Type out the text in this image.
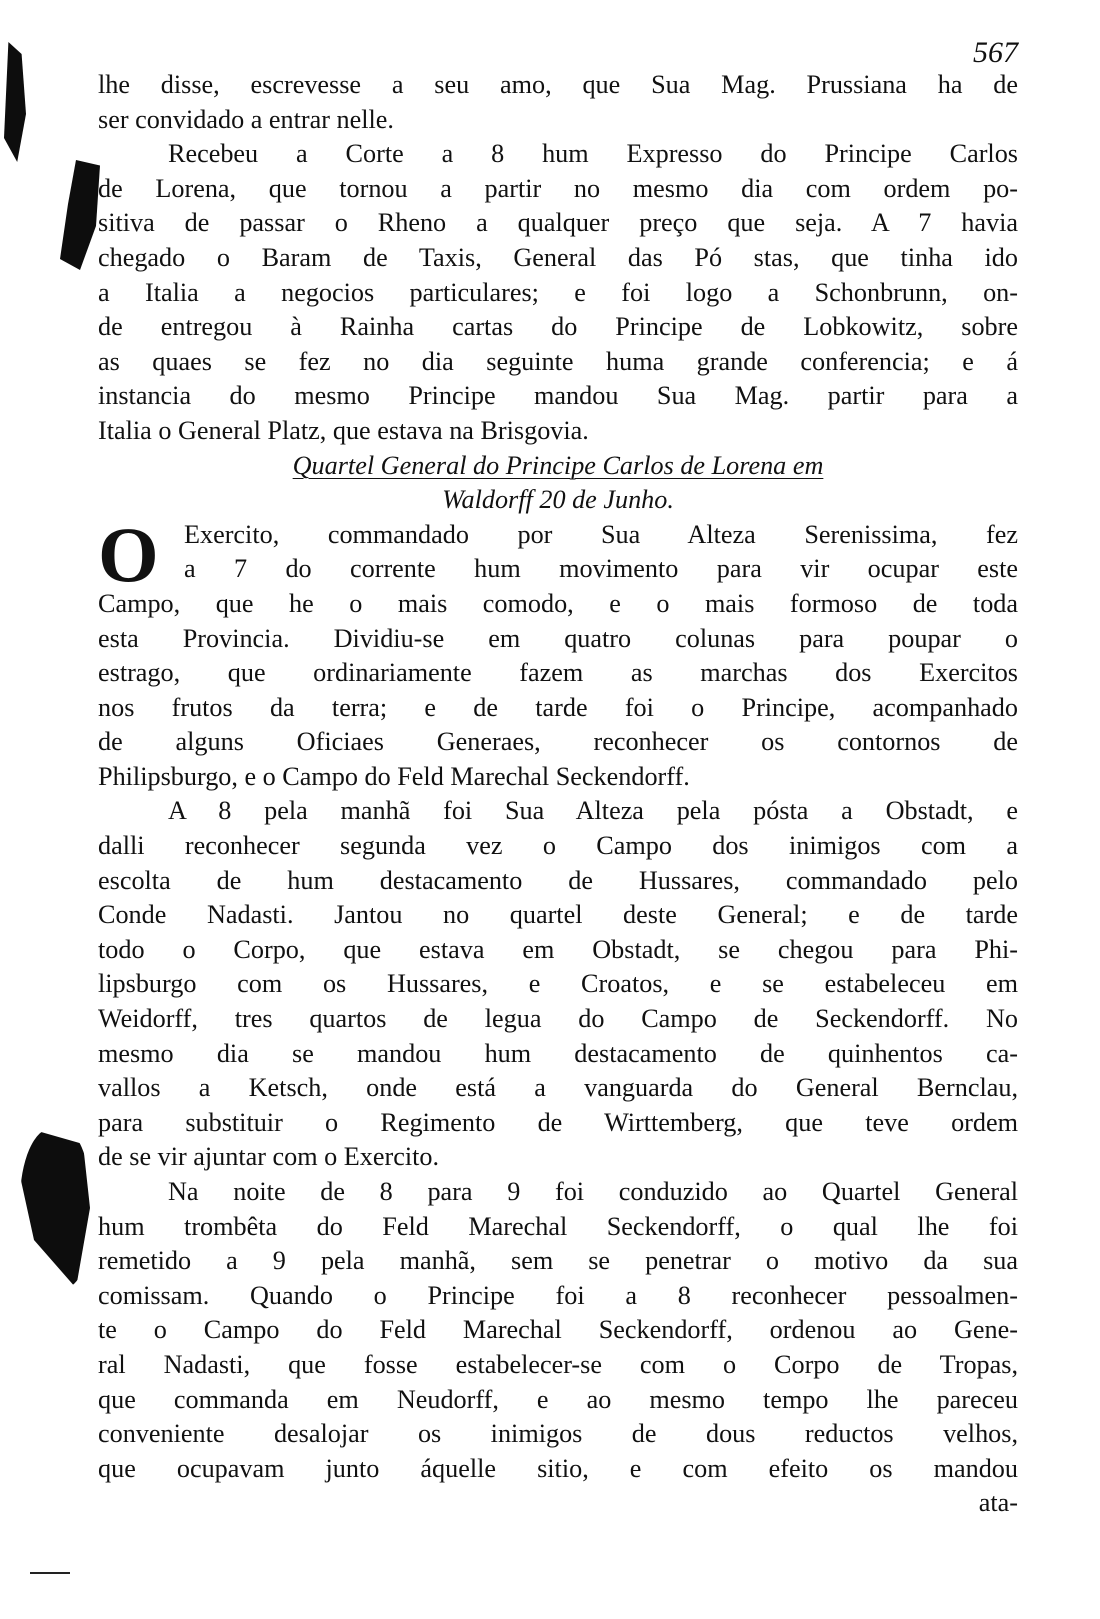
567
lhe disse, escrevesse a seu amo, que Sua Mag. Prussiana ha de
ser convidado a entrar nelle.
Recebeu a Corte a 8 hum Expresso do Principe Carlos
de Lorena, que tornou a partir no mesmo dia com ordem po-
sitiva de passar o Rheno a qualquer preço que seja. A 7 havia
chegado o Baram de Taxis, General das Pó stas, que tinha ido
a Italia a negocios particulares; e foi logo a Schonbrunn, on-
de entregou à Rainha cartas do Principe de Lobkowitz, sobre
as quaes se fez no dia seguinte huma grande conferencia; e á
instancia do mesmo Principe mandou Sua Mag. partir para a
Italia o General Platz, que estava na Brisgovia.
Quartel General do Principe Carlos de Lorena em
Waldorff 20 de Junho.
O Exercito, commandado por Sua Alteza Serenissima, fez
a 7 do corrente hum movimento para vir ocupar este
Campo, que he o mais comodo, e o mais formoso de toda
esta Provincia. Dividiu-se em quatro colunas para poupar o
estrago, que ordinariamente fazem as marchas dos Exercitos
nos frutos da terra; e de tarde foi o Principe, acompanhado
de alguns Oficiaes Generaes, reconhecer os contornos de
Philipsburgo, e o Campo do Feld Marechal Seckendorff.
A 8 pela manhã foi Sua Alteza pela pósta a Obstadt, e
dalli reconhecer segunda vez o Campo dos inimigos com a
escolta de hum destacamento de Hussares, commandado pelo
Conde Nadasti. Jantou no quartel deste General; e de tarde
todo o Corpo, que estava em Obstadt, se chegou para Phi-
lipsburgo com os Hussares, e Croatos, e se estabeleceu em
Weidorff, tres quartos de legua do Campo de Seckendorff. No
mesmo dia se mandou hum destacamento de quinhentos ca-
vallos a Ketsch, onde está a vanguarda do General Bernclau,
para substituir o Regimento de Wirttemberg, que teve ordem
de se vir ajuntar com o Exercito.
Na noite de 8 para 9 foi conduzido ao Quartel General
hum trombêta do Feld Marechal Seckendorff, o qual lhe foi
remetido a 9 pela manhã, sem se penetrar o motivo da sua
comissam. Quando o Principe foi a 8 reconhecer pessoalmen-
te o Campo do Feld Marechal Seckendorff, ordenou ao Gene-
ral Nadasti, que fosse estabelecer-se com o Corpo de Tropas,
que commanda em Neudorff, e ao mesmo tempo lhe pareceu
conveniente desalojar os inimigos de dous reductos velhos,
que ocupavam junto áquelle sitio, e com efeito os mandou
ata-
